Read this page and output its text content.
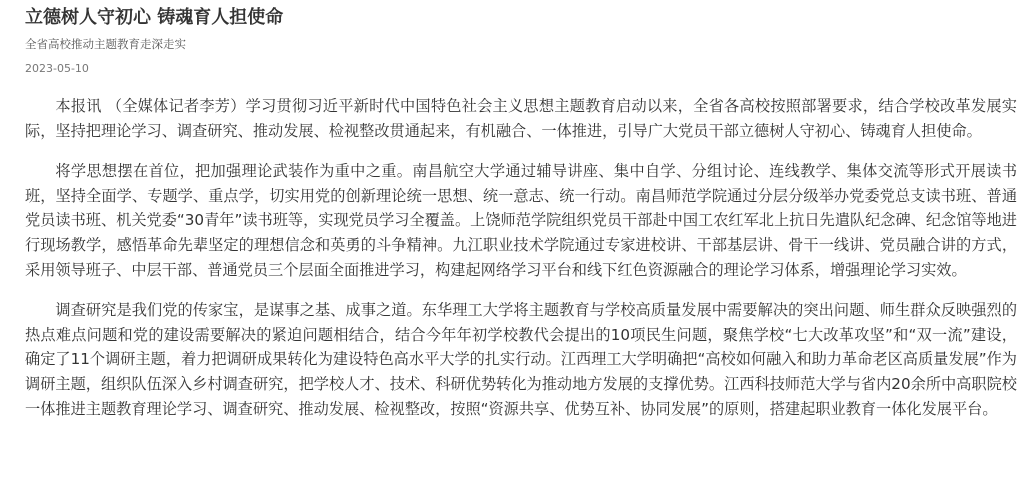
立德树人守初心 铸魂育人担使命
全省高校推动主题教育走深走实
2023-05-10

本报讯 （全媒体记者李芳）学习贯彻习近平新时代中国特色社会主义思想主题教育启动以来，全省各高校按照部署要求，结合学校改革发展实际，坚持把理论学习、调查研究、推动发展、检视整改贯通起来，有机融合、一体推进，引导广大党员干部立德树人守初心、铸魂育人担使命。

将学思想摆在首位，把加强理论武装作为重中之重。南昌航空大学通过辅导讲座、集中自学、分组讨论、连线教学、集体交流等形式开展读书班，坚持全面学、专题学、重点学，切实用党的创新理论统一思想、统一意志、统一行动。南昌师范学院通过分层分级举办党委党总支读书班、普通党员读书班、机关党委“30青年”读书班等，实现党员学习全覆盖。上饶师范学院组织党员干部赴中国工农红军北上抗日先遣队纪念碑、纪念馆等地进行现场教学，感悟革命先辈坚定的理想信念和英勇的斗争精神。九江职业技术学院通过专家进校讲、干部基层讲、骨干一线讲、党员融合讲的方式，采用领导班子、中层干部、普通党员三个层面全面推进学习，构建起网络学习平台和线下红色资源融合的理论学习体系，增强理论学习实效。

调查研究是我们党的传家宝，是谋事之基、成事之道。东华理工大学将主题教育与学校高质量发展中需要解决的突出问题、师生群众反映强烈的热点难点问题和党的建设需要解决的紧迫问题相结合，结合今年年初学校教代会提出的10项民生问题，聚焦学校“七大改革攻坚”和“双一流”建设，确定了11个调研主题，着力把调研成果转化为建设特色高水平大学的扎实行动。江西理工大学明确把“高校如何融入和助力革命老区高质量发展”作为调研主题，组织队伍深入乡村调查研究，把学校人才、技术、科研优势转化为推动地方发展的支撑优势。江西科技师范大学与省内20余所中高职院校一体推进主题教育理论学习、调查研究、推动发展、检视整改，按照“资源共享、优势互补、协同发展”的原则，搭建起职业教育一体化发展平台。
